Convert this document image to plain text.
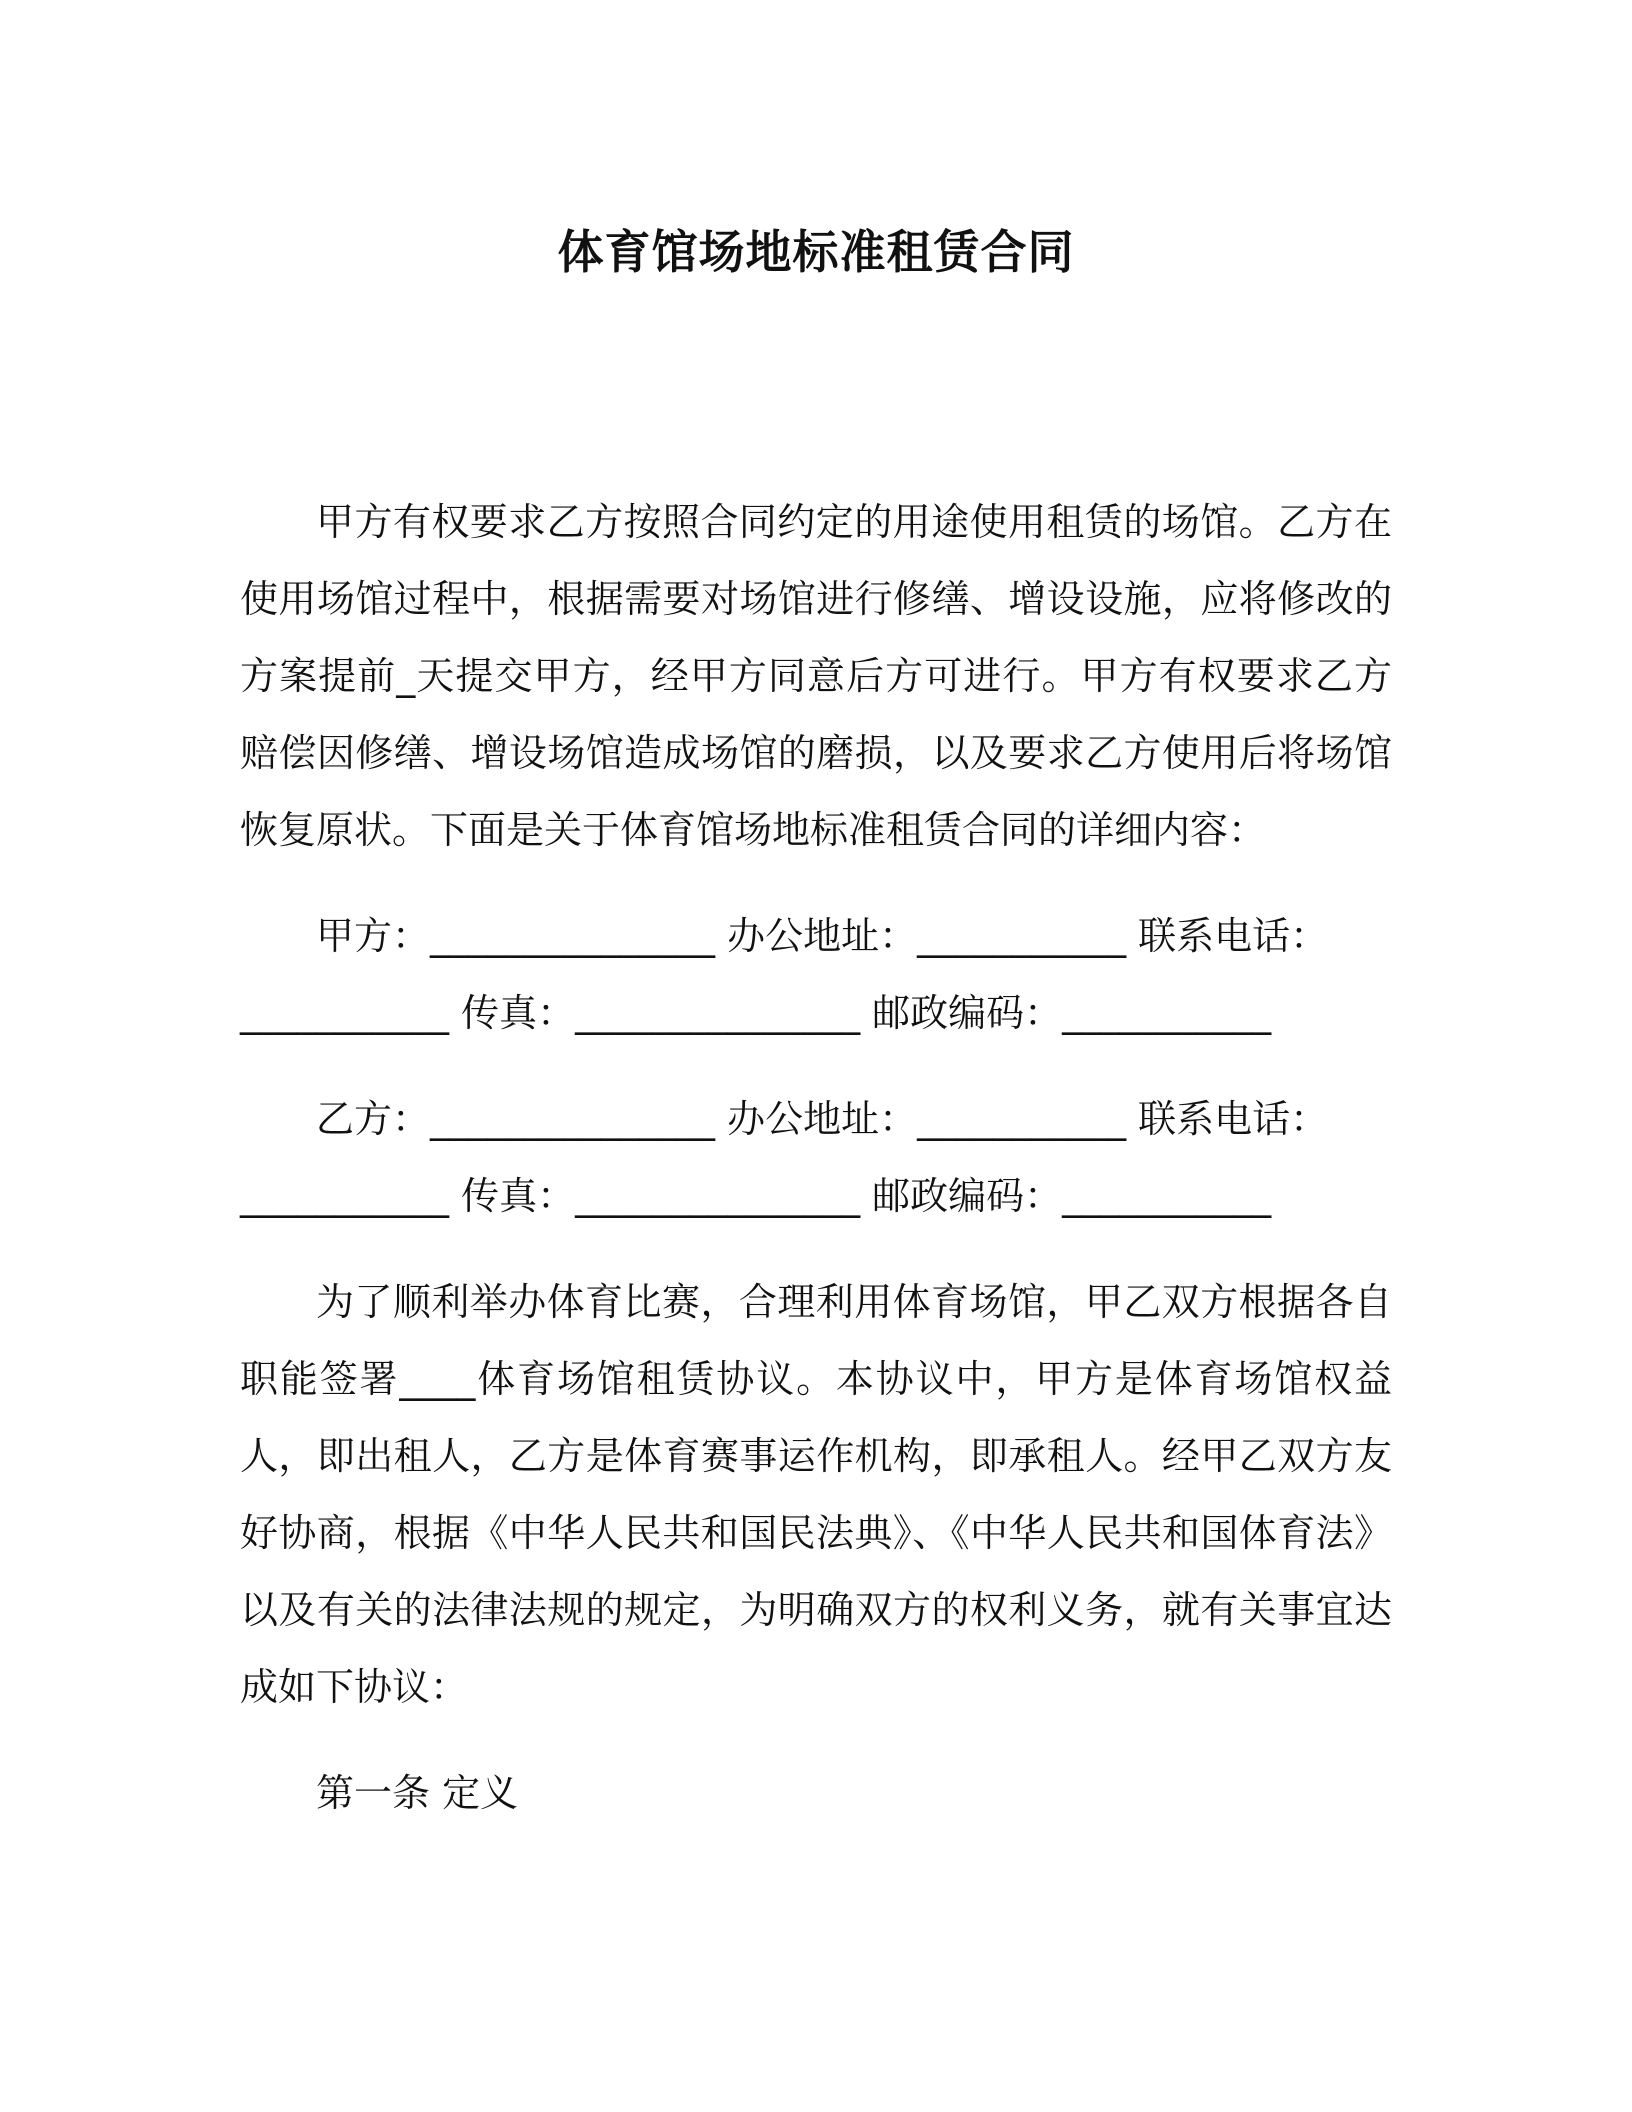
体育馆场地标准租赁合同

甲方有权要求乙方按照合同约定的用途使用租赁的场馆。乙方在使用场馆过程中，根据需要对场馆进行修缮、增设设施，应将修改的方案提前_天提交甲方，经甲方同意后方可进行。甲方有权要求乙方赔偿因修缮、增设场馆造成场馆的磨损，以及要求乙方使用后将场馆恢复原状。下面是关于体育馆场地标准租赁合同的详细内容：

甲方：_______________ 办公地址：___________ 联系电话：___________ 传真：_______________ 邮政编码：___________

乙方：_______________ 办公地址：___________ 联系电话：___________ 传真：_______________ 邮政编码：___________

为了顺利举办体育比赛，合理利用体育场馆，甲乙双方根据各自职能签署____体育场馆租赁协议。本协议中，甲方是体育场馆权益人，即出租人，乙方是体育赛事运作机构，即承租人。经甲乙双方友好协商，根据《中华人民共和国民法典》、《中华人民共和国体育法》以及有关的法律法规的规定，为明确双方的权利义务，就有关事宜达成如下协议：

第一条 定义
